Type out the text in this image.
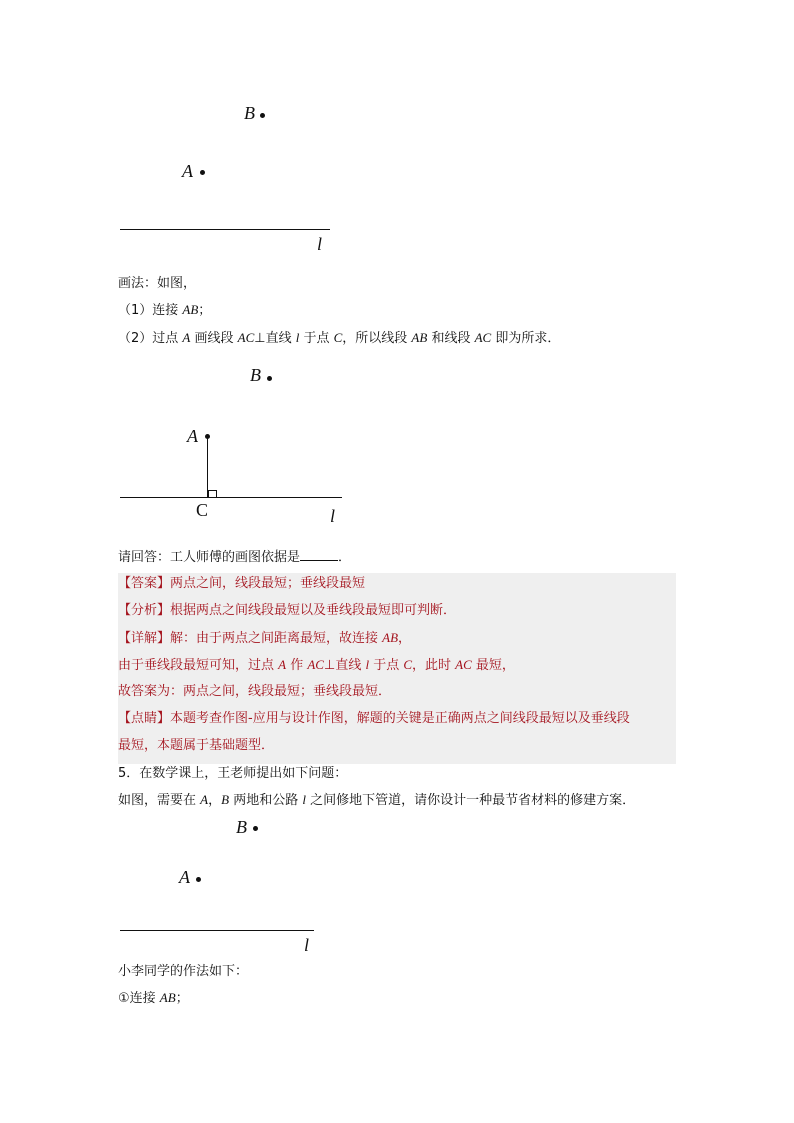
B
A
l
画法：如图，
（1）连接 AB；
（2）过点 A 画线段 AC⊥直线 l 于点 C，所以线段 AB 和线段 AC 即为所求．
B
A
C	l
请回答：工人师傅的画图依据是	．
【答案】两点之间，线段最短；垂线段最短
【分析】根据两点之间线段最短以及垂线段最短即可判断．
【详解】解：由于两点之间距离最短，故连接 AB，
由于垂线段最短可知，过点 A 作 AC⊥直线 l 于点 C，此时 AC 最短，
故答案为：两点之间，线段最短；垂线段最短．
【点睛】本题考查作图-应用与设计作图，解题的关键是正确两点之间线段最短以及垂线段
最短，本题属于基础题型．
5．在数学课上，王老师提出如下问题：
如图，需要在 A，B 两地和公路 l 之间修地下管道，请你设计一种最节省材料的修建方案．
B
A
l
小李同学的作法如下：
①连接 AB；
